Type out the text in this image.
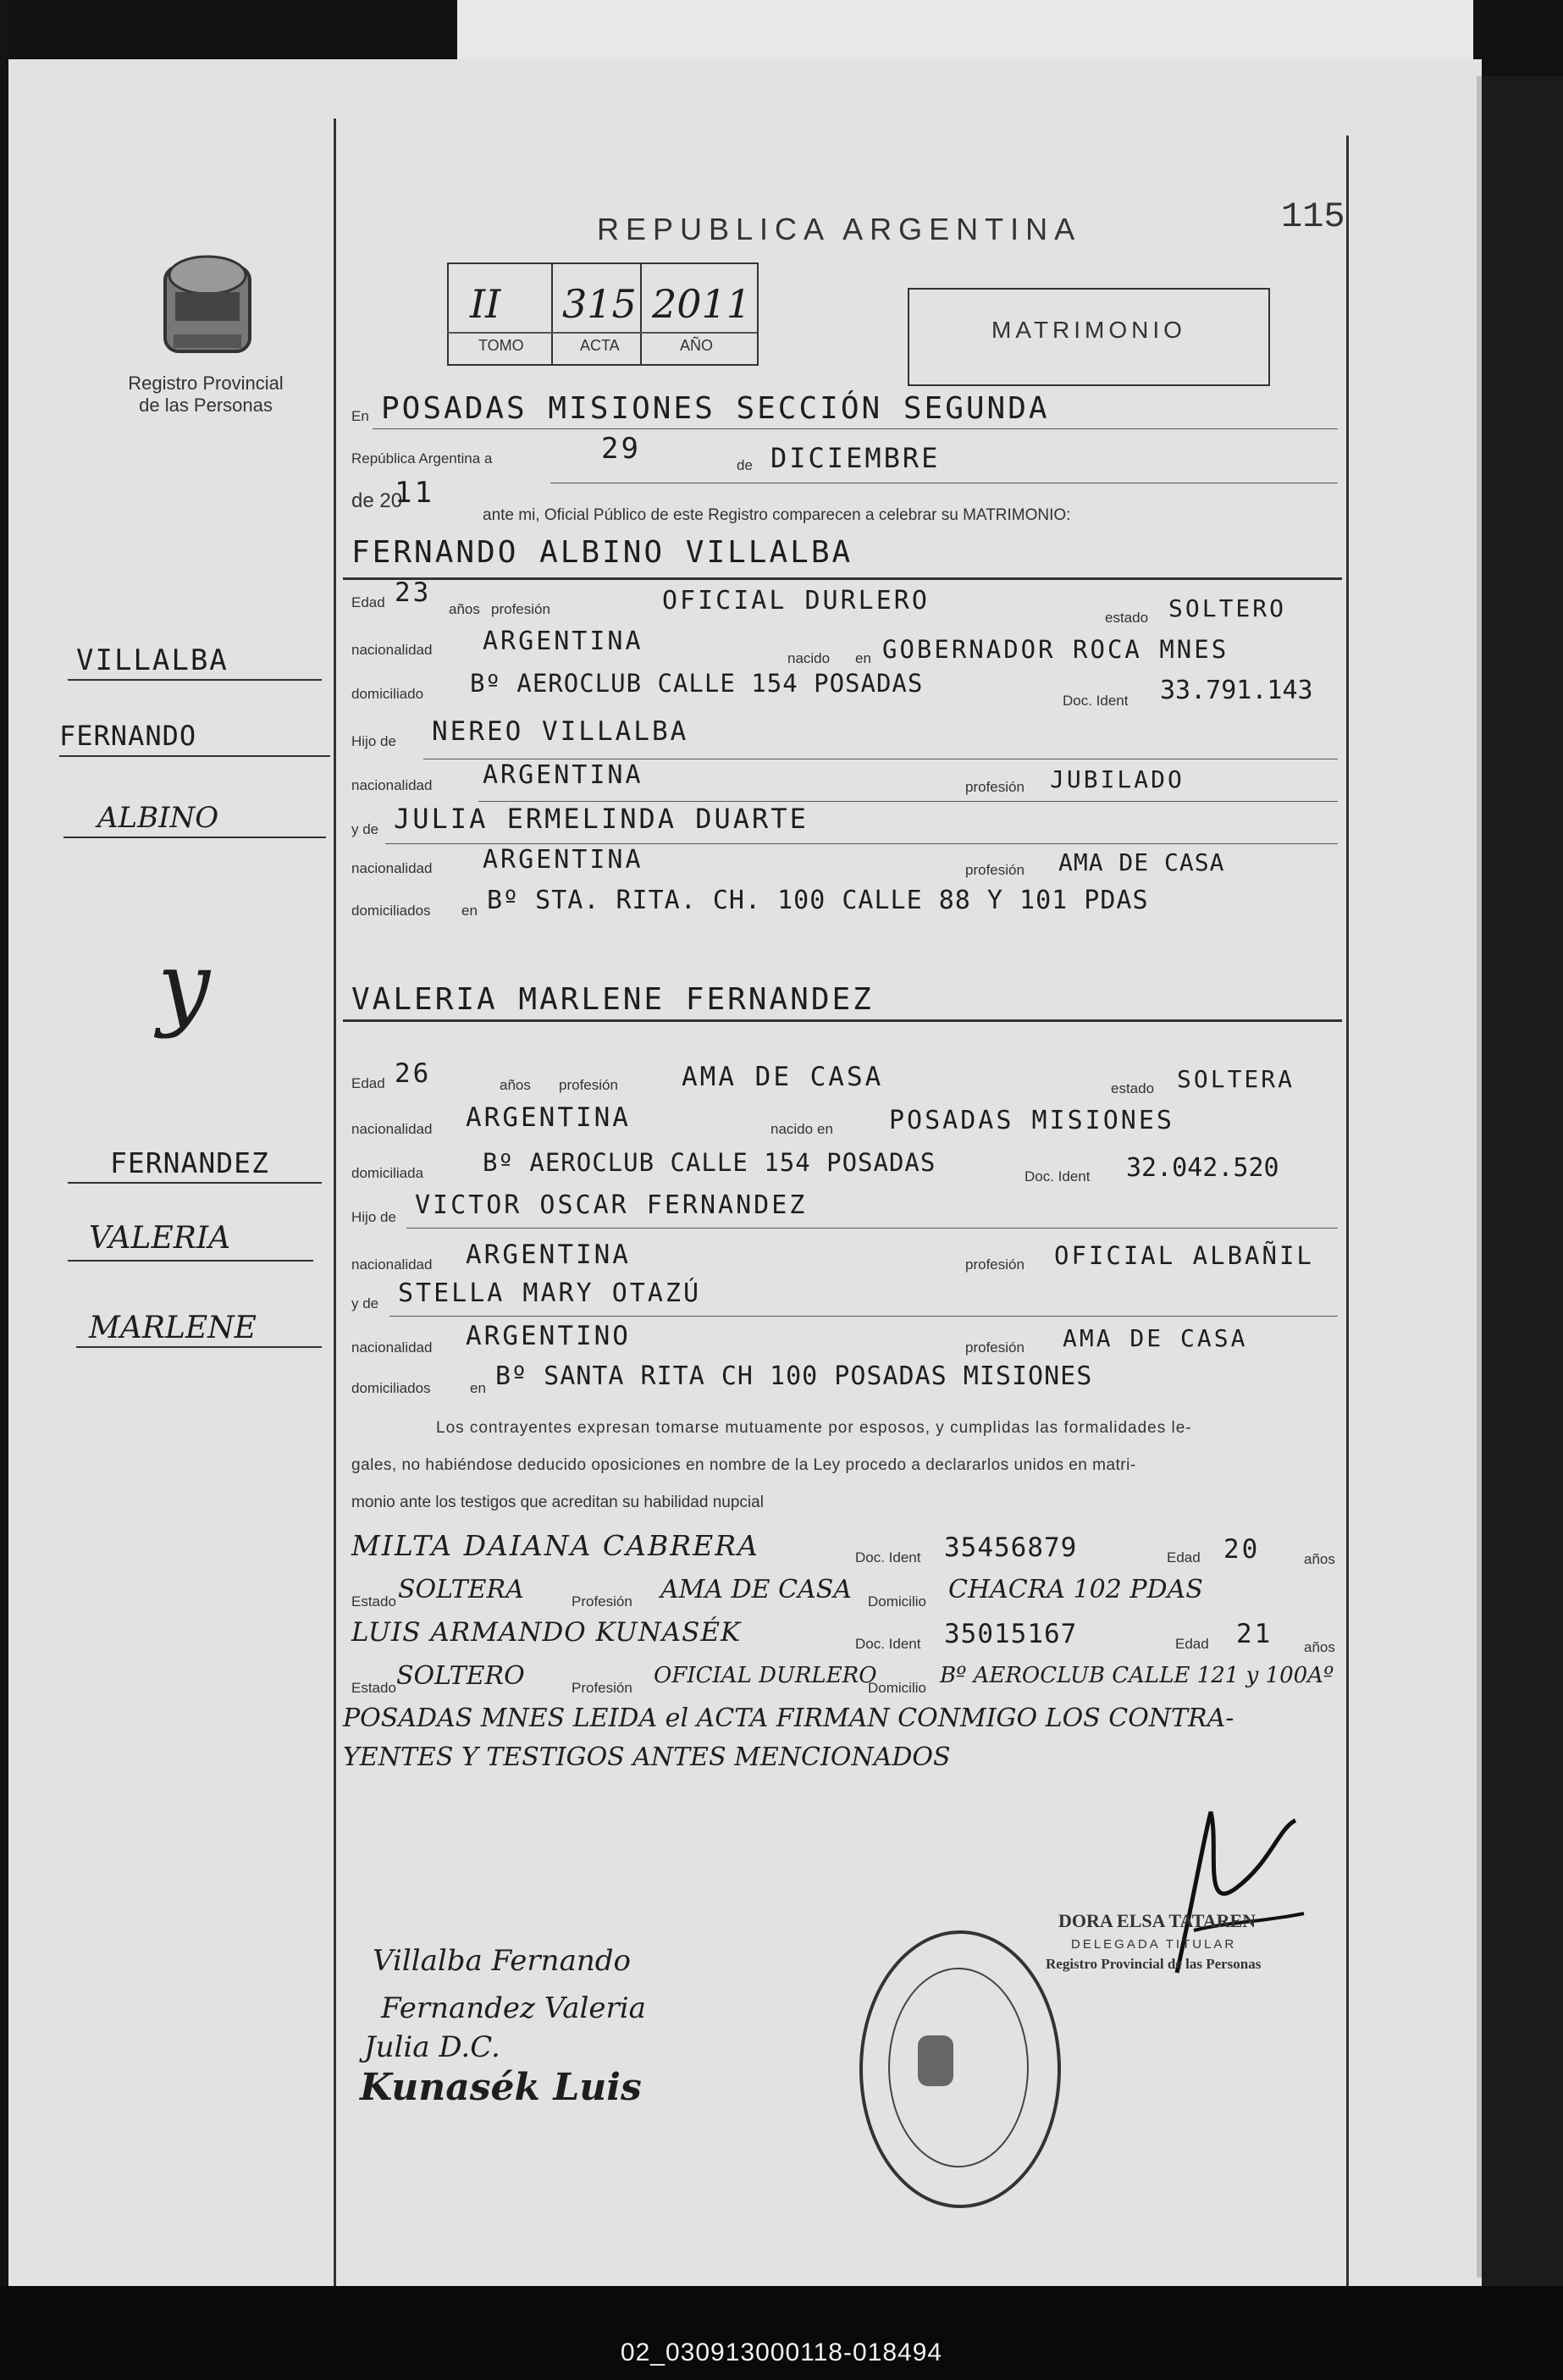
Registro Provincial
de las Personas
REPUBLICA ARGENTINA	115
II 315 2011
TOMO	ACTA	AÑO
MATRIMONIO
En POSADAS MISIONES SECCIÓN SEGUNDA
República Argentina a	29	de DICIEMBRE
de 20
11
ante mi, Oficial Público de este Registro comparecen a celebrar su MATRIMONIO:
FERNANDO ALBINO VILLALBA
Edad 23
años profesión	OFICIAL DURLERO
estado SOLTERO
nacionalidad ARGENTINA
nacido en GOBERNADOR ROCA MNES
domiciliado Bº AEROCLUB CALLE 154 POSADAS
Doc. Ident 33.791.143
Hijo de NEREO VILLALBA
nacionalidad ARGENTINA	profesión JUBILADO
y de JULIA ERMELINDA DUARTE
nacionalidad ARGENTINA	profesión AMA DE CASA
domiciliados en Bº STA. RITA. CH. 100 CALLE 88 Y 101 PDAS
VALERIA MARLENE FERNANDEZ
Edad 26	años profesión AMA DE CASA	estado SOLTERA
nacionalidad ARGENTINA	nacido en POSADAS MISIONES
domiciliada Bº AEROCLUB CALLE 154 POSADAS	Doc. Ident 32.042.520
Hijo de VICTOR OSCAR FERNANDEZ
nacionalidad ARGENTINA	profesión OFICIAL ALBAÑIL
y de STELLA MARY OTAZÚ
nacionalidad ARGENTINO	profesión AMA DE CASA
domiciliados	en Bº SANTA RITA CH 100 POSADAS MISIONES
Los contrayentes expresan tomarse mutuamente por esposos, y cumplidas las formalidades le-
gales, no habiéndose deducido oposiciones en nombre de la Ley procedo a declararlos unidos en matri-
monio ante los testigos que acreditan su habilidad nupcial
MILTA DAIANA CABRERA	Doc. Ident 35456879	Edad 20	años
Estado SOLTERA	Profesión AMA DE CASA Domicilio CHACRA 102 PDAS
LUIS ARMANDO KUNASÉK	Doc. Ident 35015167	Edad 21 años
Estado SOLTERO	Profesión OFICIAL DURLERO
Domicilio Bº AEROCLUB CALLE 121 y 100Aº
POSADAS MNES LEIDA el ACTA FIRMAN CONMIGO LOS CONTRA-
YENTES Y TESTIGOS ANTES MENCIONADOS
VILLALBA
FERNANDO
ALBINO
y
FERNANDEZ
VALERIA
MARLENE
Villalba Fernando
Fernandez Valeria
Julia D.C.
Kunasék Luis
DORA ELSA TATAREN
DELEGADA TITULAR
Registro Provincial de las Personas
02_030913000118-018494
